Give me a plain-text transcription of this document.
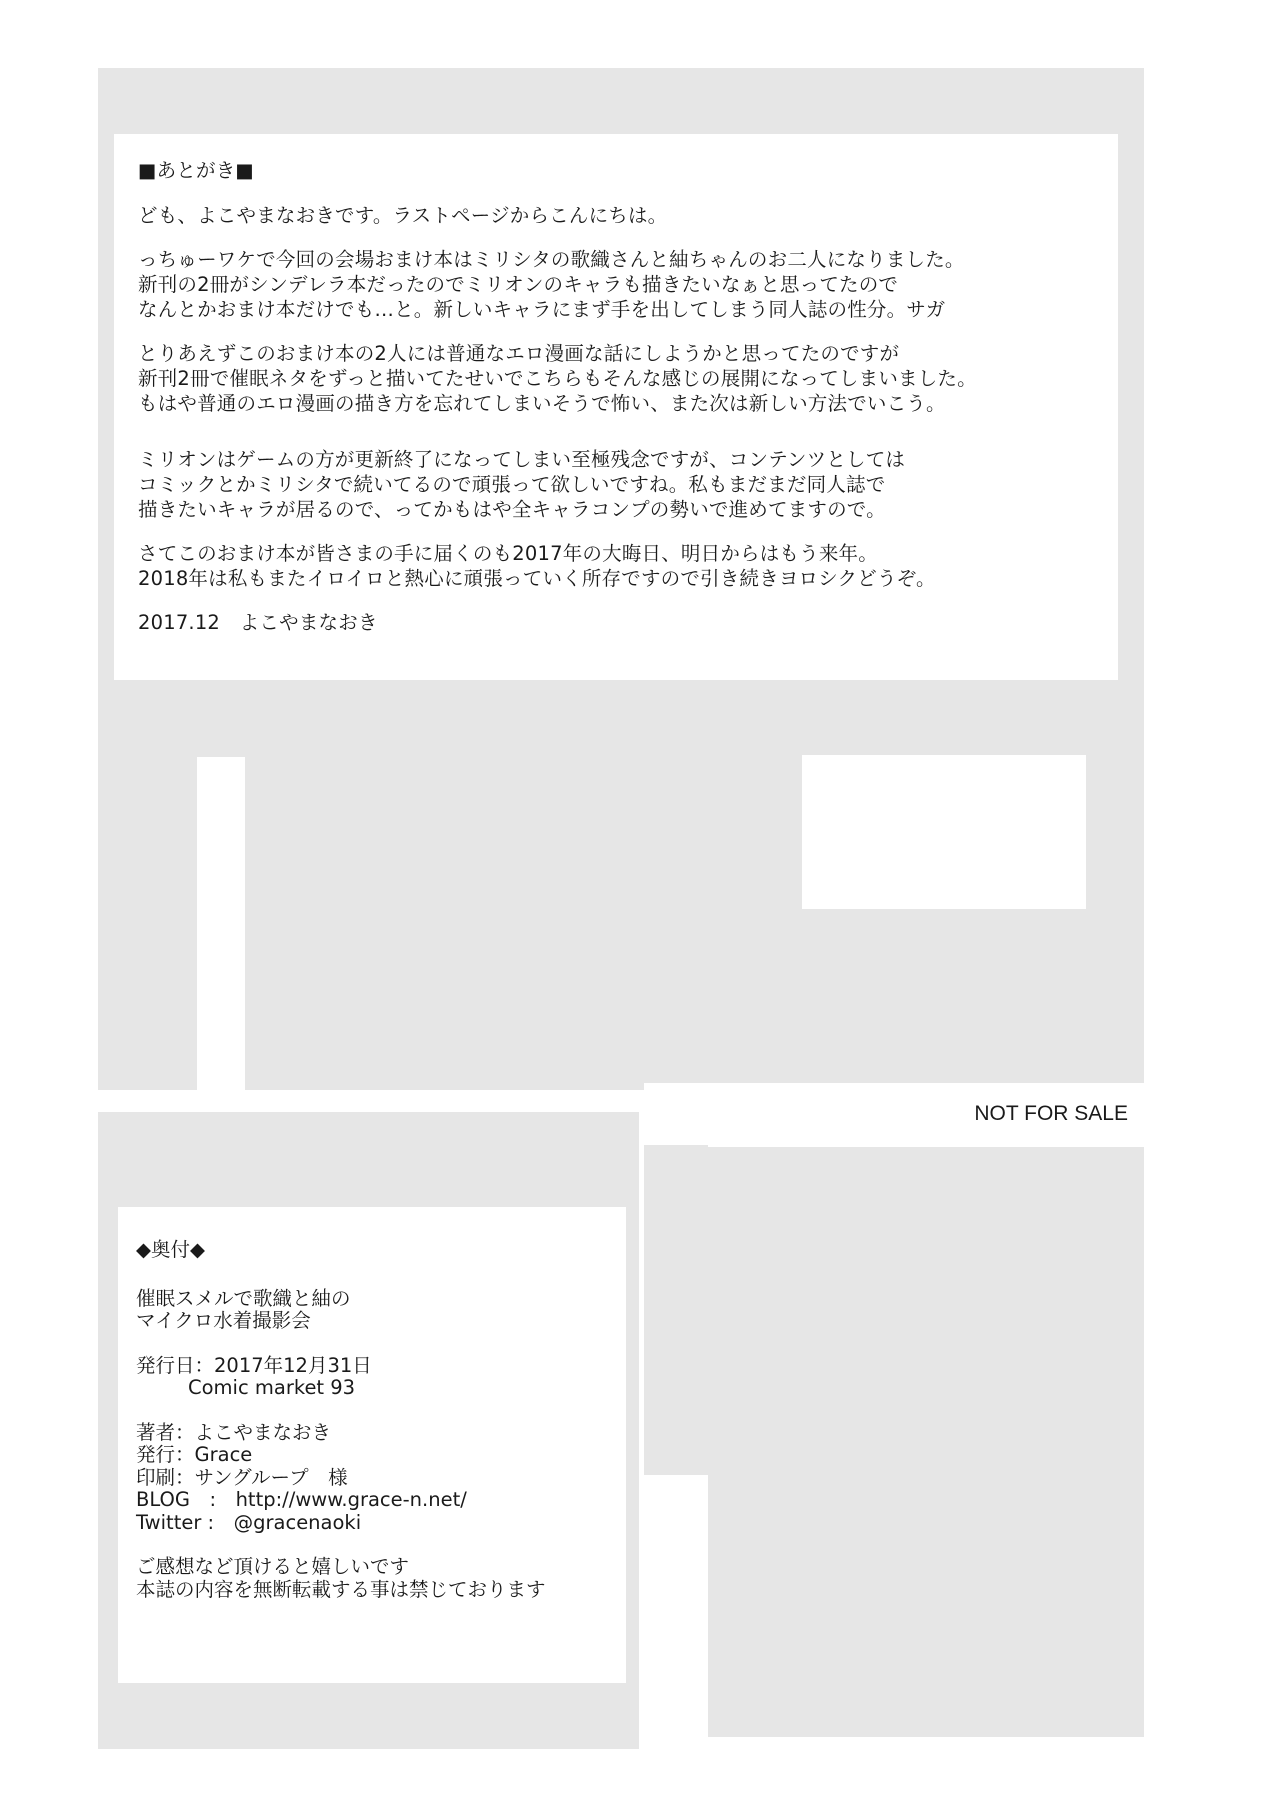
■あとがき■
ども、よこやまなおきです。ラストページからこんにちは。
っちゅーワケで今回の会場おまけ本はミリシタの歌織さんと紬ちゃんのお二人になりました。
新刊の2冊がシンデレラ本だったのでミリオンのキャラも描きたいなぁと思ってたので
なんとかおまけ本だけでも…と。新しいキャラにまず手を出してしまう同人誌の性分。サガ
とりあえずこのおまけ本の2人には普通なエロ漫画な話にしようかと思ってたのですが
新刊2冊で催眠ネタをずっと描いてたせいでこちらもそんな感じの展開になってしまいました。
もはや普通のエロ漫画の描き方を忘れてしまいそうで怖い、また次は新しい方法でいこう。
ミリオンはゲームの方が更新終了になってしまい至極残念ですが、コンテンツとしては
コミックとかミリシタで続いてるので頑張って欲しいですね。私もまだまだ同人誌で
描きたいキャラが居るので、ってかもはや全キャラコンプの勢いで進めてますので。
さてこのおまけ本が皆さまの手に届くのも2017年の大晦日、明日からはもう来年。
2018年は私もまたイロイロと熱心に頑張っていく所存ですので引き続きヨロシクどうぞ。
2017.12　よこやまなおき
NOT FOR SALE
◆奥付◆
催眠スメルで歌織と紬の
マイクロ水着撮影会
発行日：2017年12月31日
Comic market 93
著者：よこやまなおき
発行：Grace
印刷：サングループ　様
BLOG　:　http://www.grace-n.net/
Twitter :　@gracenaoki
ご感想など頂けると嬉しいです
本誌の内容を無断転載する事は禁じております
